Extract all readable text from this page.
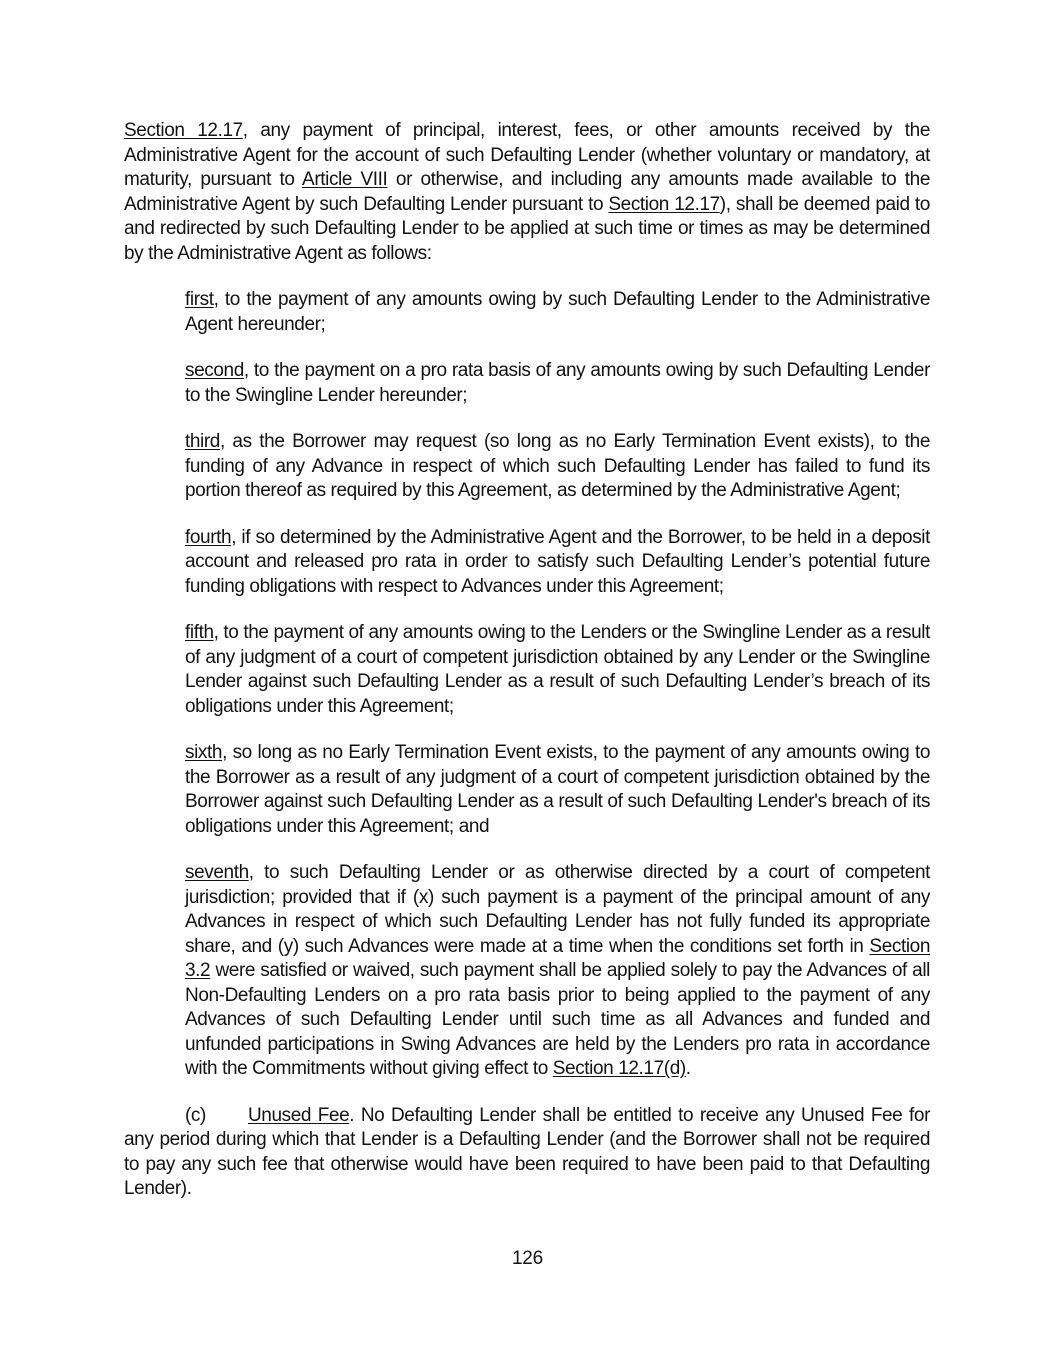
Section 12.17, any payment of principal, interest, fees, or other amounts received by the Administrative Agent for the account of such Defaulting Lender (whether voluntary or mandatory, at maturity, pursuant to Article VIII or otherwise, and including any amounts made available to the Administrative Agent by such Defaulting Lender pursuant to Section 12.17), shall be deemed paid to and redirected by such Defaulting Lender to be applied at such time or times as may be determined by the Administrative Agent as follows:

first, to the payment of any amounts owing by such Defaulting Lender to the Administrative Agent hereunder;

second, to the payment on a pro rata basis of any amounts owing by such Defaulting Lender to the Swingline Lender hereunder;

third, as the Borrower may request (so long as no Early Termination Event exists), to the funding of any Advance in respect of which such Defaulting Lender has failed to fund its portion thereof as required by this Agreement, as determined by the Administrative Agent;

fourth, if so determined by the Administrative Agent and the Borrower, to be held in a deposit account and released pro rata in order to satisfy such Defaulting Lender’s potential future funding obligations with respect to Advances under this Agreement;

fifth, to the payment of any amounts owing to the Lenders or the Swingline Lender as a result of any judgment of a court of competent jurisdiction obtained by any Lender or the Swingline Lender against such Defaulting Lender as a result of such Defaulting Lender’s breach of its obligations under this Agreement;

sixth, so long as no Early Termination Event exists, to the payment of any amounts owing to the Borrower as a result of any judgment of a court of competent jurisdiction obtained by the Borrower against such Defaulting Lender as a result of such Defaulting Lender's breach of its obligations under this Agreement; and

seventh, to such Defaulting Lender or as otherwise directed by a court of competent jurisdiction; provided that if (x) such payment is a payment of the principal amount of any Advances in respect of which such Defaulting Lender has not fully funded its appropriate share, and (y) such Advances were made at a time when the conditions set forth in Section 3.2 were satisfied or waived, such payment shall be applied solely to pay the Advances of all Non-Defaulting Lenders on a pro rata basis prior to being applied to the payment of any Advances of such Defaulting Lender until such time as all Advances and funded and unfunded participations in Swing Advances are held by the Lenders pro rata in accordance with the Commitments without giving effect to Section 12.17(d).

(c) Unused Fee. No Defaulting Lender shall be entitled to receive any Unused Fee for any period during which that Lender is a Defaulting Lender (and the Borrower shall not be required to pay any such fee that otherwise would have been required to have been paid to that Defaulting Lender).

126
